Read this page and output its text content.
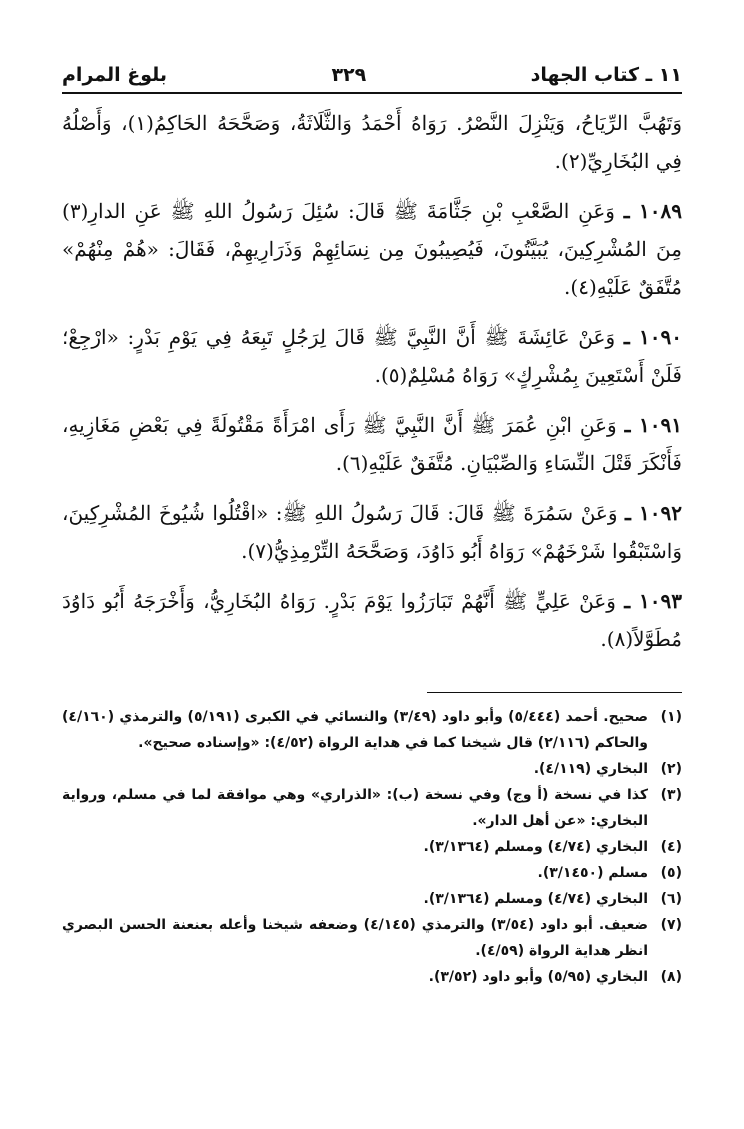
١١ ـ كتاب الجهاد
٣٢٩
بلوغ المرام

وَتَهُبَّ الرِّيَاحُ، وَيَنْزِلَ النَّصْرُ. رَوَاهُ أَحْمَدُ وَالثَّلَاثَةُ، وَصَحَّحَهُ الحَاكِمُ(١)، وَأَصْلُهُ فِي البُخَارِيِّ(٢).

١٠٨٩ ـ وَعَنِ الصَّعْبِ بْنِ جَثَّامَةَ ﷺ قَالَ: سُئِلَ رَسُولُ اللهِ ﷺ عَنِ الدارِ(٣) مِنَ المُشْرِكِينَ، يُبَيَّتُونَ، فَيُصِيبُونَ مِن نِسَائِهِمْ وَذَرَارِيهِمْ، فَقَالَ: «هُمْ مِنْهُمْ» مُتَّفَقٌ عَلَيْهِ(٤).

١٠٩٠ ـ وَعَنْ عَائِشَةَ ﷺ أَنَّ النَّبِيَّ ﷺ قَالَ لِرَجُلٍ تَبِعَهُ فِي يَوْمِ بَدْرٍ: «ارْجِعْ؛ فَلَنْ أَسْتَعِينَ بِمُشْرِكٍ» رَوَاهُ مُسْلِمٌ(٥).

١٠٩١ ـ وَعَنِ ابْنِ عُمَرَ ﷺ أَنَّ النَّبِيَّ ﷺ رَأَى امْرَأَةً مَقْتُولَةً فِي بَعْضِ مَغَازِيهِ، فَأَنْكَرَ قَتْلَ النِّسَاءِ وَالصِّبْيَانِ. مُتَّفَقٌ عَلَيْهِ(٦).

١٠٩٢ ـ وَعَنْ سَمُرَةَ ﷺ قَالَ: قَالَ رَسُولُ اللهِ ﷺ: «اقْتُلُوا شُيُوخَ المُشْرِكِينَ، وَاسْتَبْقُوا شَرْخَهُمْ» رَوَاهُ أَبُو دَاوُدَ، وَصَحَّحَهُ التِّرْمِذِيُّ(٧).

١٠٩٣ ـ وَعَنْ عَلِيٍّ ﷺ أَنَّهُمْ تَبَارَزُوا يَوْمَ بَدْرٍ. رَوَاهُ البُخَارِيُّ، وَأَخْرَجَهُ أَبُو دَاوُدَ مُطَوَّلاً(٨).

(١)
صحيح. أحمد (٥/٤٤٤) وأبو داود (٣/٤٩) والنسائي في الكبرى (٥/١٩١) والترمذي (٤/١٦٠) والحاكم (٢/١١٦) قال شيخنا كما في هداية الرواة (٤/٥٢): «وإسناده صحيح».
(٢)
البخاري (٤/١١٩).
(٣)
كذا في نسخة (أ وج) وفي نسخة (ب): «الذراري» وهي موافقة لما في مسلم، ورواية البخاري: «عن أهل الدار».
(٤)
البخاري (٤/٧٤) ومسلم (٣/١٣٦٤).
(٥)
مسلم (٣/١٤٥٠).
(٦)
البخاري (٤/٧٤) ومسلم (٣/١٣٦٤).
(٧)
ضعيف. أبو داود (٣/٥٤) والترمذي (٤/١٤٥) وضعفه شيخنا وأعله بعنعنة الحسن البصري انظر هداية الرواة (٤/٥٩).
(٨)
البخاري (٥/٩٥) وأبو داود (٣/٥٢).
